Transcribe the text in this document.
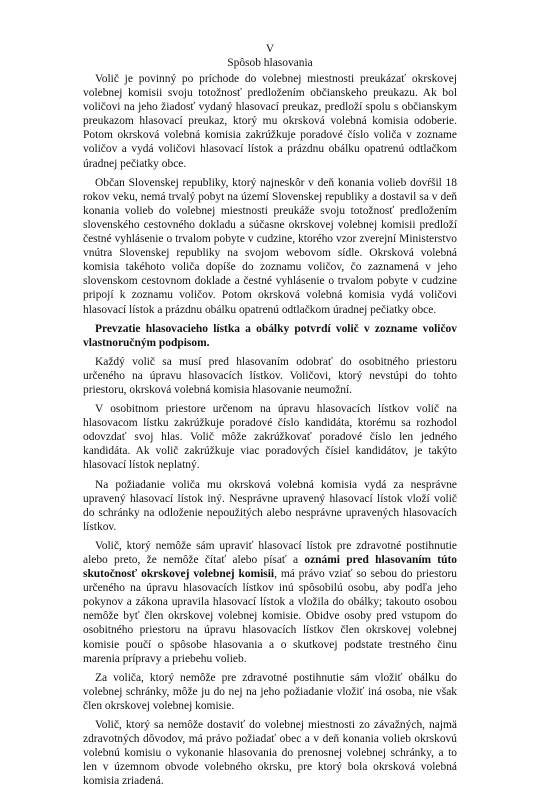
V
Spôsob hlasovania

Volič je povinný po príchode do volebnej miestnosti preukázať okrskovej volebnej komisii svoju totožnosť predložením občianskeho preukazu. Ak bol voličovi na jeho žiadosť vydaný hlasovací preukaz, predloží spolu s občianskym preukazom hlasovací preukaz, ktorý mu okrsková volebná komisia odoberie. Potom okrsková volebná komisia zakrúžkuje poradové číslo voliča v zozname voličov a vydá voličovi hlasovací lístok a prázdnu obálku opatrenú odtlačkom úradnej pečiatky obce.

Občan Slovenskej republiky, ktorý najneskôr v deň konania volieb dovŕšil 18 rokov veku, nemá trvalý pobyt na území Slovenskej republiky a dostavil sa v deň konania volieb do volebnej miestnosti preukáže svoju totožnosť predložením slovenského cestovného dokladu a súčasne okrskovej volebnej komisii predloží čestné vyhlásenie o trvalom pobyte v cudzine, ktorého vzor zverejní Ministerstvo vnútra Slovenskej republiky na svojom webovom sídle. Okrsková volebná komisia takéhoto voliča dopíše do zoznamu voličov, čo zaznamená v jeho slovenskom cestovnom doklade a čestné vyhlásenie o trvalom pobyte v cudzine pripojí k zoznamu voličov. Potom okrsková volebná komisia vydá voličovi hlasovací lístok a prázdnu obálku opatrenú odtlačkom úradnej pečiatky obce.

Prevzatie hlasovacieho lístka a obálky potvrdí volič v zozname voličov vlastnoručným podpisom.

Každý volič sa musí pred hlasovaním odobrať do osobitného priestoru určeného na úpravu hlasovacích lístkov. Voličovi, ktorý nevstúpi do tohto priestoru, okrsková volebná komisia hlasovanie neumožní.

V osobitnom priestore určenom na úpravu hlasovacích lístkov volič na hlasovacom lístku zakrúžkuje poradové číslo kandidáta, ktorému sa rozhodol odovzdať svoj hlas. Volič môže zakrúžkovať poradové číslo len jedného kandidáta. Ak volič zakrúžkuje viac poradových čísiel kandidátov, je takýto hlasovací lístok neplatný.

Na požiadanie voliča mu okrsková volebná komisia vydá za nesprávne upravený hlasovací lístok iný. Nesprávne upravený hlasovací lístok vloží volič do schránky na odloženie nepoužitých alebo nesprávne upravených hlasovacích lístkov.

Volič, ktorý nemôže sám upraviť hlasovací lístok pre zdravotné postihnutie alebo preto, že nemôže čítať alebo písať a oznámi pred hlasovaním túto skutočnosť okrskovej volebnej komisii, má právo vziať so sebou do priestoru určeného na úpravu hlasovacích lístkov inú spôsobilú osobu, aby podľa jeho pokynov a zákona upravila hlasovací lístok a vložila do obálky; takouto osobou nemôže byť člen okrskovej volebnej komisie. Obidve osoby pred vstupom do osobitného priestoru na úpravu hlasovacích lístkov člen okrskovej volebnej komisie poučí o spôsobe hlasovania a o skutkovej podstate trestného činu marenia prípravy a priebehu volieb.

Za voliča, ktorý nemôže pre zdravotné postihnutie sám vložiť obálku do volebnej schránky, môže ju do nej na jeho požiadanie vložiť iná osoba, nie však člen okrskovej volebnej komisie.

Volič, ktorý sa nemôže dostaviť do volebnej miestnosti zo závažných, najmä zdravotných dôvodov, má právo požiadať obec a v deň konania volieb okrskovú volebnú komisiu o vykonanie hlasovania do prenosnej volebnej schránky, a to len v územnom obvode volebného okrsku, pre ktorý bola okrsková volebná komisia zriadená.
